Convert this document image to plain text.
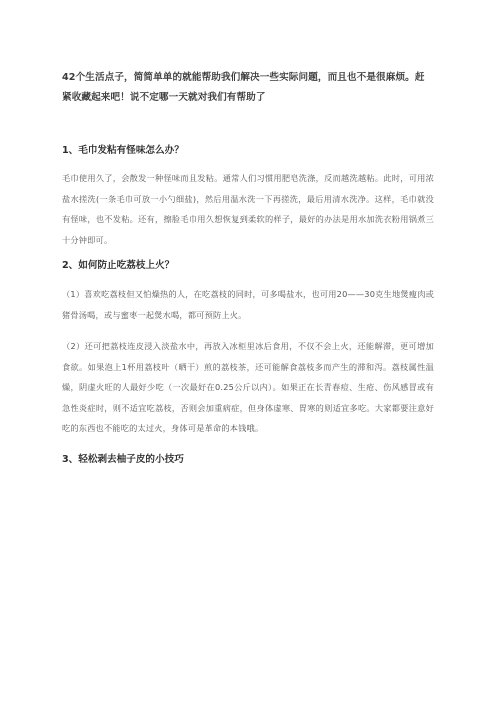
42个生活点子，简简单单的就能帮助我们解决一些实际问题，而且也不是很麻烦。赶紧收藏起来吧！说不定哪一天就对我们有帮助了

1、毛巾发粘有怪味怎么办？

毛巾使用久了，会散发一种怪味而且发粘。通常人们习惯用肥皂洗涤，反而越洗越粘。此时，可用浓盐水搓洗(一条毛巾可放一小勺细盐)，然后用温水洗一下再搓洗，最后用清水洗净。这样，毛巾就没有怪味，也不发粘。还有，擦脸毛巾用久想恢复到柔软的样子，最好的办法是用水加洗衣粉用锅煮三十分钟即可。

2、如何防止吃荔枝上火？

（1）喜欢吃荔枝但又怕燥热的人，在吃荔枝的同时，可多喝盐水，也可用20——30克生地煲瘦肉或猪骨汤喝，或与蜜枣一起煲水喝，都可预防上火。

（2）还可把荔枝连皮浸入淡盐水中，再放入冰柜里冰后食用，不仅不会上火，还能解滞，更可增加食欲。如果泡上1杯用荔枝叶（晒干）煎的荔枝茶，还可能解食荔枝多而产生的滞和泻。荔枝属性温燥，阴虚火旺的人最好少吃（一次最好在0.25公斤以内）。如果正在长青春痘、生疮、伤风感冒或有急性炎症时，则不适宜吃荔枝，否则会加重病症，但身体虚寒、胃寒的则适宜多吃。大家都要注意好吃的东西也不能吃的太过火，身体可是革命的本钱哦。

3、轻松剥去柚子皮的小技巧
